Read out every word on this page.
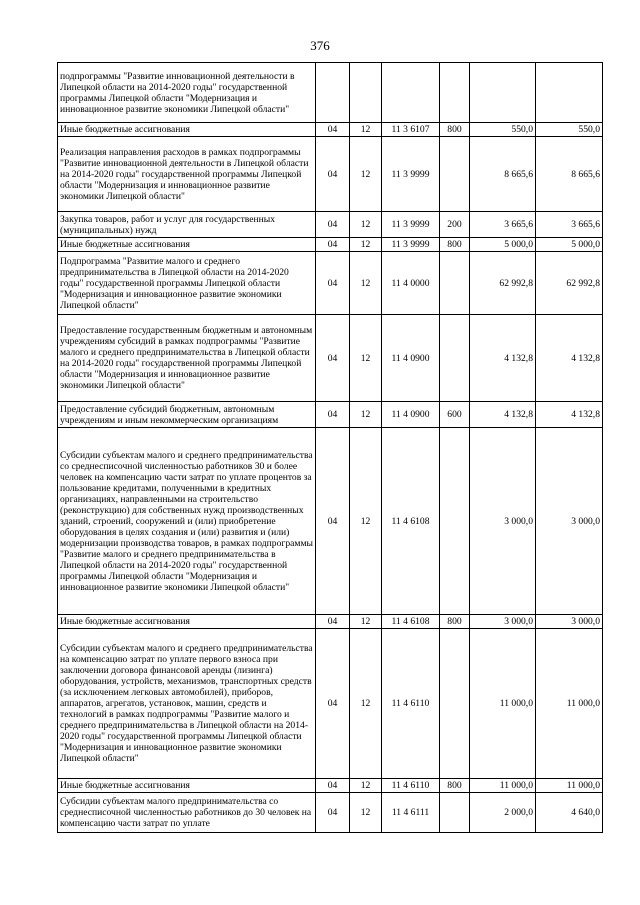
376
подпрограммы "Развитие инновационной деятельности в Липецкой области на 2014-2020 годы" государственной программы Липецкой области "Модернизация и инновационное развитие экономики Липецкой области"						
Иные бюджетные ассигнования	04	12	11 3 6107	800	550,0	550,0
Реализация направления расходов в рамках подпрограммы "Развитие инновационной деятельности в Липецкой области на 2014-2020 годы" государственной программы Липецкой области "Модернизация и инновационное развитие экономики Липецкой области"	04	12	11 3 9999		8 665,6	8 665,6
Закупка товаров, работ и услуг для государственных (муниципальных) нужд	04	12	11 3 9999	200	3 665,6	3 665,6
Иные бюджетные ассигнования	04	12	11 3 9999	800	5 000,0	5 000,0
Подпрограмма "Развитие малого и среднего предпринимательства в Липецкой области на 2014-2020 годы" государственной программы Липецкой области "Модернизация и инновационное развитие экономики Липецкой области"	04	12	11 4 0000		62 992,8	62 992,8
Предоставление государственным бюджетным и автономным учреждениям субсидий в рамках подпрограммы "Развитие малого и среднего предпринимательства в Липецкой области на 2014-2020 годы" государственной программы Липецкой области "Модернизация и инновационное развитие экономики Липецкой области"	04	12	11 4 0900		4 132,8	4 132,8
Предоставление субсидий бюджетным, автономным учреждениям и иным некоммерческим организациям	04	12	11 4 0900	600	4 132,8	4 132,8
Субсидии субъектам малого и среднего предпринимательства со среднесписочной численностью работников 30 и более человек на компенсацию части затрат по уплате процентов за пользование кредитами, полученными в кредитных организациях, направленными на строительство (реконструкцию) для собственных нужд производственных зданий, строений, сооружений и (или) приобретение оборудования в целях создания и (или) развития и (или) модернизации производства товаров, в рамках подпрограммы "Развитие малого и среднего предпринимательства в Липецкой области на 2014-2020 годы" государственной программы Липецкой области "Модернизация и инновационное развитие экономики Липецкой области"	04	12	11 4 6108		3 000,0	3 000,0
Иные бюджетные ассигнования	04	12	11 4 6108	800	3 000,0	3 000,0
Субсидии субъектам малого и среднего предпринимательства на компенсацию затрат по уплате первого взноса при заключении договора финансовой аренды (лизинга) оборудования, устройств, механизмов, транспортных средств (за исключением легковых автомобилей), приборов, аппаратов, агрегатов, установок, машин, средств и технологий в рамках подпрограммы "Развитие малого и среднего предпринимательства в Липецкой области на 2014-2020 годы" государственной программы Липецкой области "Модернизация и инновационное развитие экономики Липецкой области"	04	12	11 4 6110		11 000,0	11 000,0
Иные бюджетные ассигнования	04	12	11 4 6110	800	11 000,0	11 000,0
Субсидии субъектам малого предпринимательства со среднесписочной численностью работников до 30 человек на компенсацию части затрат по уплате	04	12	11 4 6111		2 000,0	4 640,0
